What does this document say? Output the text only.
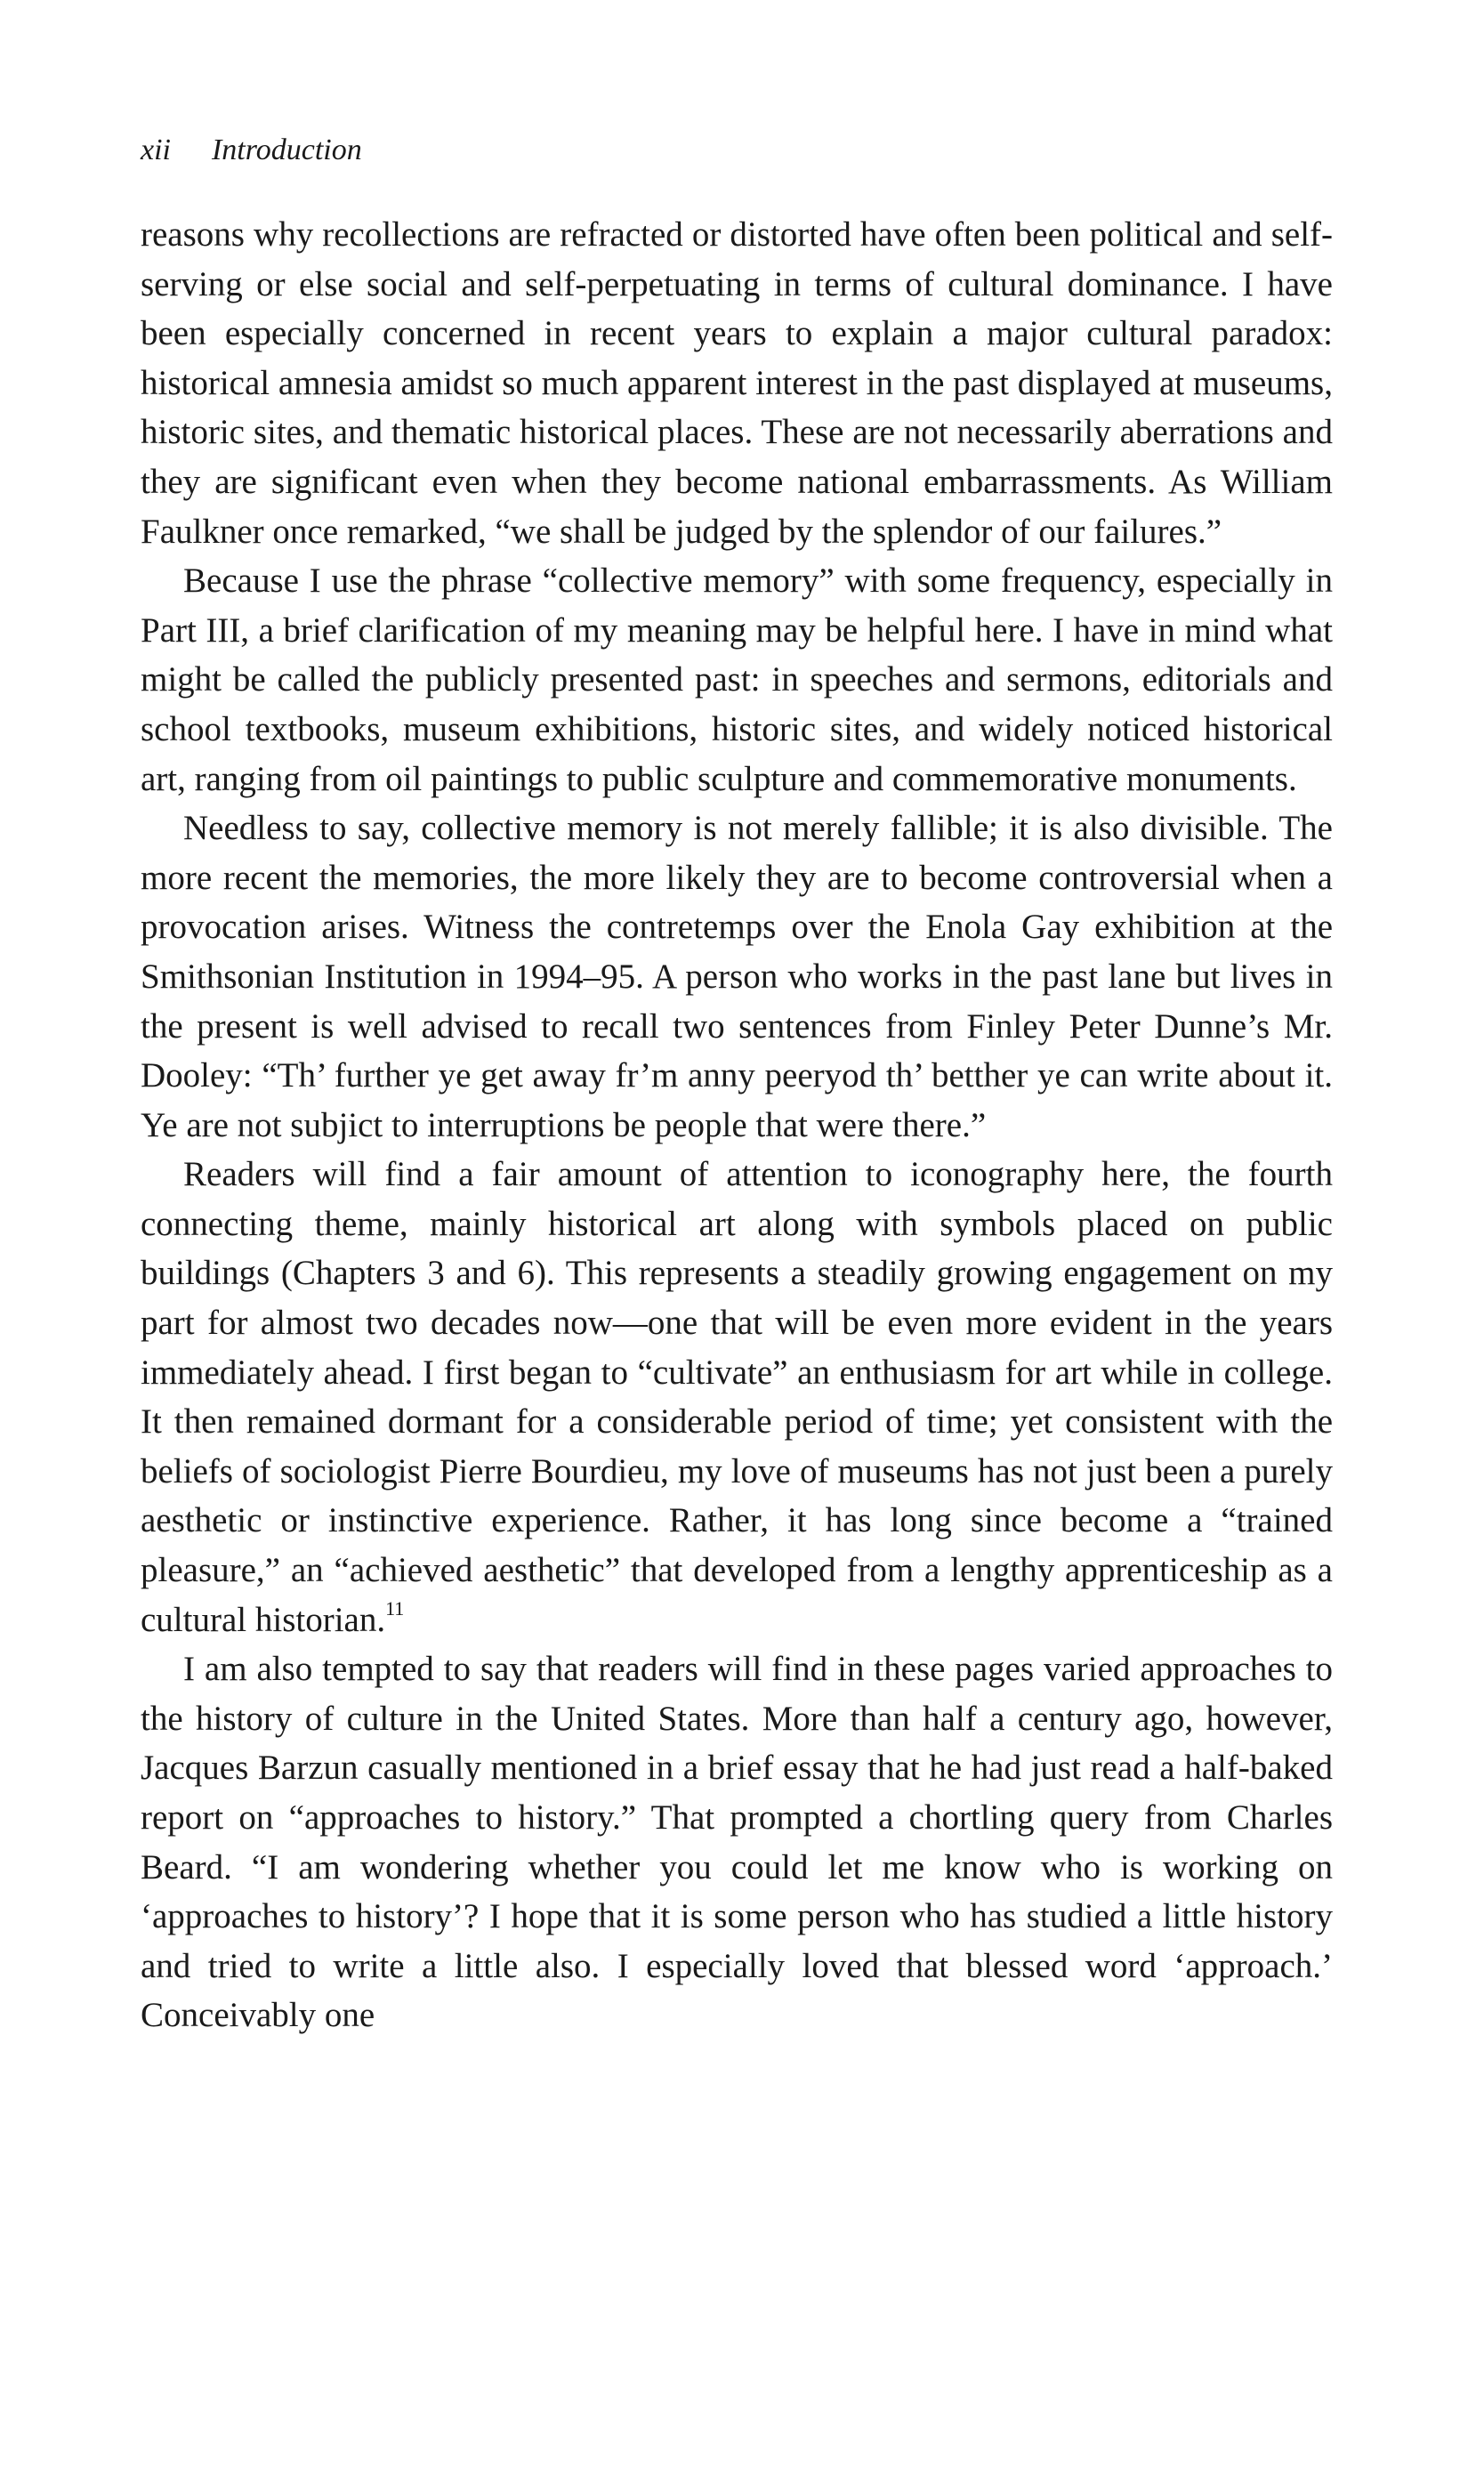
xii Introduction

reasons why recollections are refracted or distorted have often been political and self-serving or else social and self-perpetuating in terms of cultural dominance. I have been especially concerned in recent years to explain a major cultural paradox: historical amnesia amidst so much apparent interest in the past displayed at museums, historic sites, and thematic historical places. These are not necessarily aberrations and they are significant even when they become national embarrassments. As William Faulkner once remarked, “we shall be judged by the splendor of our failures.”

Because I use the phrase “collective memory” with some frequency, especially in Part III, a brief clarification of my meaning may be helpful here. I have in mind what might be called the publicly presented past: in speeches and sermons, editorials and school textbooks, museum exhibitions, historic sites, and widely noticed historical art, ranging from oil paintings to public sculpture and commemorative monuments.

Needless to say, collective memory is not merely fallible; it is also divisible. The more recent the memories, the more likely they are to become controversial when a provocation arises. Witness the contretemps over the Enola Gay exhibition at the Smithsonian Institution in 1994–95. A person who works in the past lane but lives in the present is well advised to recall two sentences from Finley Peter Dunne’s Mr. Dooley: “Th’ further ye get away fr’m anny peeryod th’ betther ye can write about it. Ye are not subjict to interruptions be people that were there.”

Readers will find a fair amount of attention to iconography here, the fourth connecting theme, mainly historical art along with symbols placed on public buildings (Chapters 3 and 6). This represents a steadily growing engagement on my part for almost two decades now—one that will be even more evident in the years immediately ahead. I first began to “cultivate” an enthusiasm for art while in college. It then remained dormant for a considerable period of time; yet consistent with the beliefs of sociologist Pierre Bourdieu, my love of museums has not just been a purely aesthetic or instinctive experience. Rather, it has long since become a “trained pleasure,” an “achieved aesthetic” that developed from a lengthy apprenticeship as a cultural historian.$^{11}$

I am also tempted to say that readers will find in these pages varied approaches to the history of culture in the United States. More than half a century ago, however, Jacques Barzun casually mentioned in a brief essay that he had just read a half-baked report on “approaches to history.” That prompted a chortling query from Charles Beard. “I am wondering whether you could let me know who is working on ‘approaches to history’? I hope that it is some person who has studied a little history and tried to write a little also. I especially loved that blessed word ‘approach.’ Conceivably one
